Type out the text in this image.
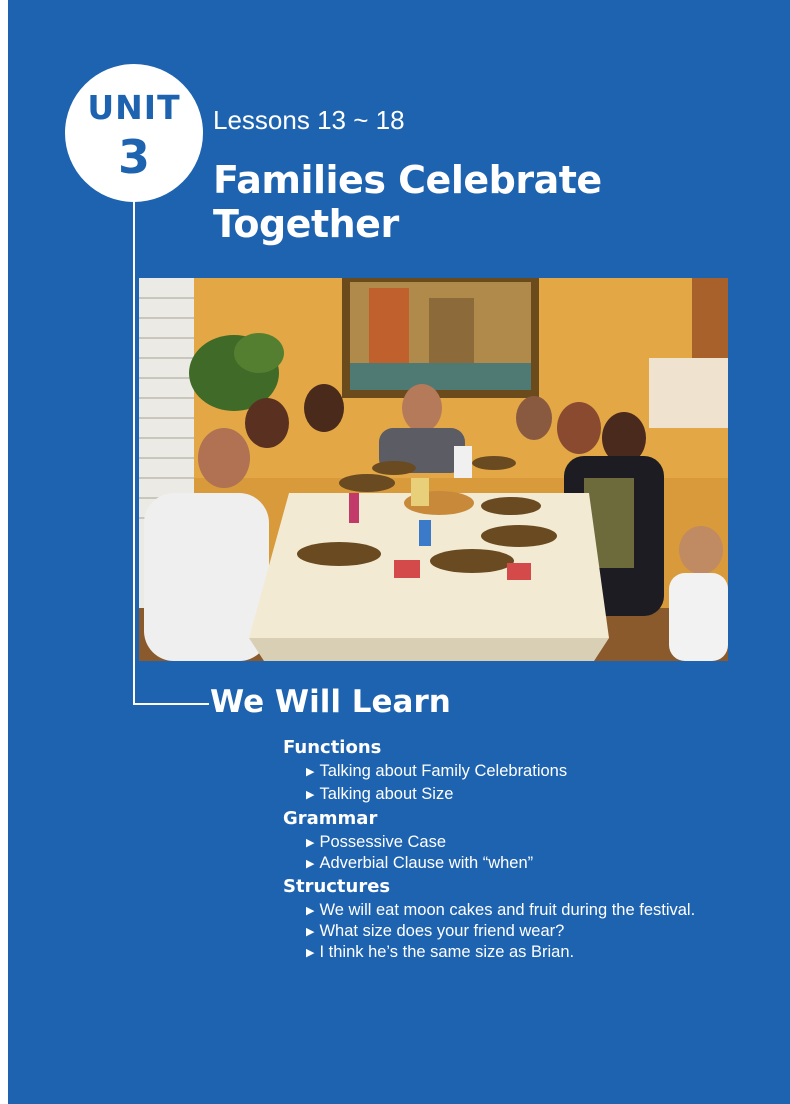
UNIT
3
Lessons 13 ~ 18
Families Celebrate Together
We Will Learn
Functions
▶ Talking about Family Celebrations
▶ Talking about Size
Grammar
▶ Possessive Case
▶ Adverbial Clause with “when”
Structures
▶ We will eat moon cakes and fruit during the festival.
▶ What size does your friend wear?
▶ I think he’s the same size as Brian.
